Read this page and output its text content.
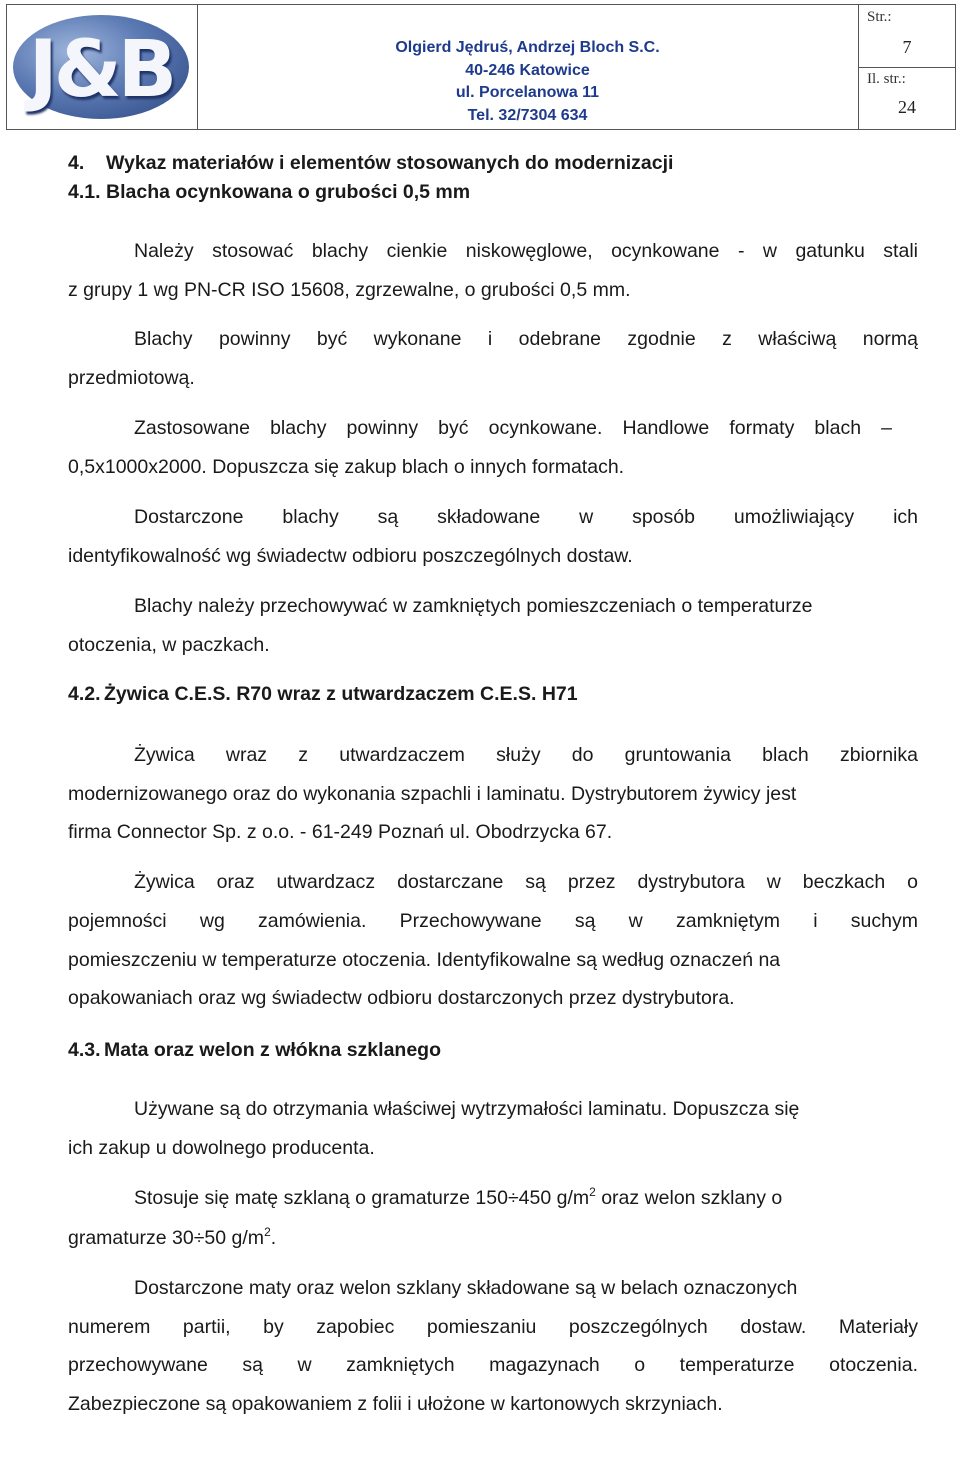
J&B	Olgierd Jędruś, Andrzej Bloch S.C.
40-246 Katowice
ul. Porcelanowa 11
Tel. 32/7304 634
Str.:
7
Il. str.:
24
4. Wykaz materiałów i elementów stosowanych do modernizacji
4.1. Blacha ocynkowana o grubości 0,5 mm
Należy stosować blachy cienkie niskowęglowe, ocynkowane - w gatunku stali
z grupy 1 wg PN-CR ISO 15608, zgrzewalne, o grubości 0,5 mm.
Blachy powinny być wykonane i odebrane zgodnie z właściwą normą
przedmiotową.
Zastosowane blachy powinny być ocynkowane. Handlowe formaty blach –
0,5x1000x2000. Dopuszcza się zakup blach o innych formatach.
Dostarczone blachy są składowane w sposób umożliwiający ich
identyfikowalność wg świadectw odbioru poszczególnych dostaw.
Blachy należy przechowywać w zamkniętych pomieszczeniach o temperaturze
otoczenia, w paczkach.
4.2. Żywica C.E.S. R70 wraz z utwardzaczem C.E.S. H71
Żywica wraz z utwardzaczem służy do gruntowania blach zbiornika
modernizowanego oraz do wykonania szpachli i laminatu. Dystrybutorem żywicy jest
firma Connector Sp. z o.o. - 61-249 Poznań ul. Obodrzycka 67.
Żywica oraz utwardzacz dostarczane są przez dystrybutora w beczkach o
pojemności wg zamówienia. Przechowywane są w zamkniętym i suchym
pomieszczeniu w temperaturze otoczenia. Identyfikowalne są według oznaczeń na
opakowaniach oraz wg świadectw odbioru dostarczonych przez dystrybutora.
4.3. Mata oraz welon z włókna szklanego
Używane są do otrzymania właściwej wytrzymałości laminatu. Dopuszcza się
ich zakup u dowolnego producenta.
Stosuje się matę szklaną o gramaturze 150÷450 $g/m^2$ oraz welon szklany o
gramaturze 30÷50 $g/m^2$.
Dostarczone maty oraz welon szklany składowane są w belach oznaczonych
numerem partii, by zapobiec pomieszaniu poszczególnych dostaw. Materiały
przechowywane są w zamkniętych magazynach o temperaturze otoczenia.
Zabezpieczone są opakowaniem z folii i ułożone w kartonowych skrzyniach.
